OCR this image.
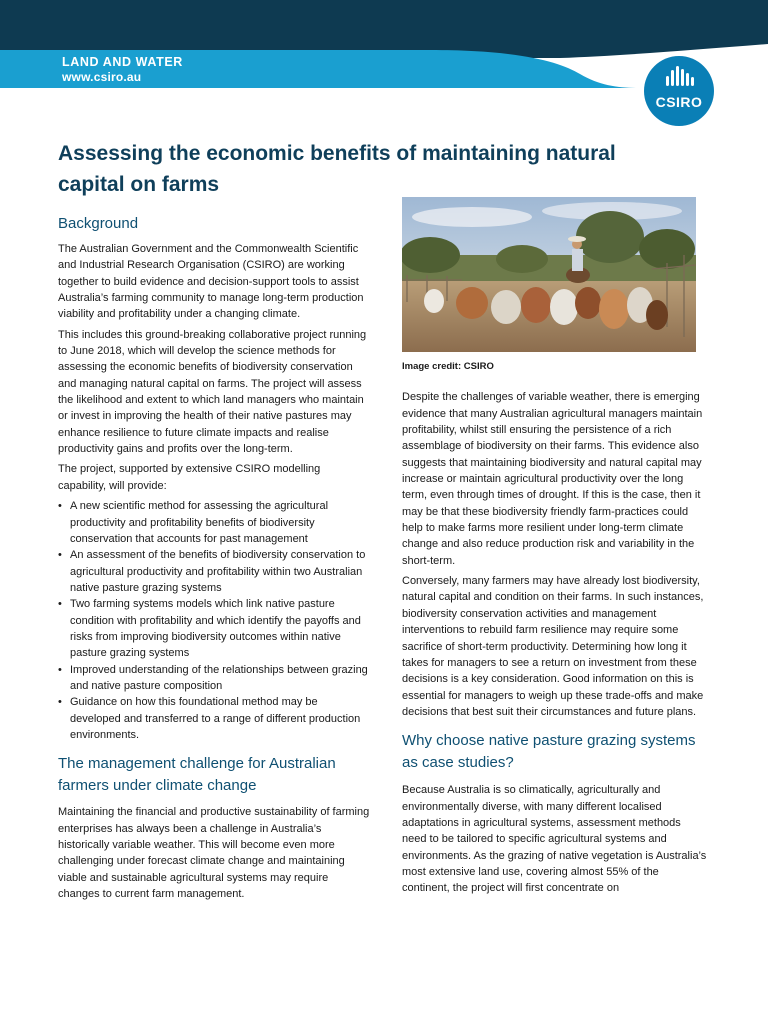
LAND AND WATER
www.csiro.au
CSIRO
Assessing the economic benefits of maintaining natural capital on farms
Background

The Australian Government and the Commonwealth Scientific and Industrial Research Organisation (CSIRO) are working together to build evidence and decision-support tools to assist Australia’s farming community to manage long-term production viability and profitability under a changing climate.

This includes this ground-breaking collaborative project running to June 2018, which will develop the science methods for assessing the economic benefits of biodiversity conservation and managing natural capital on farms. The project will assess the likelihood and extent to which land managers who maintain or invest in improving the health of their native pastures may enhance resilience to future climate impacts and realise productivity gains and profits over the long-term.

The project, supported by extensive CSIRO modelling capability, will provide:

• A new scientific method for assessing the agricultural productivity and profitability benefits of biodiversity conservation that accounts for past management
• An assessment of the benefits of biodiversity conservation to agricultural productivity and profitability within two Australian native pasture grazing systems
• Two farming systems models which link native pasture condition with profitability and which identify the payoffs and risks from improving biodiversity outcomes within native pasture grazing systems
• Improved understanding of the relationships between grazing and native pasture composition
• Guidance on how this foundational method may be developed and transferred to a range of different production environments.
The management challenge for Australian farmers under climate change

Maintaining the financial and productive sustainability of farming enterprises has always been a challenge in Australia’s historically variable weather. This will become even more challenging under forecast climate change and maintaining viable and sustainable agricultural systems may require changes to current farm management.

Image credit: CSIRO

Despite the challenges of variable weather, there is emerging evidence that many Australian agricultural managers maintain profitability, whilst still ensuring the persistence of a rich assemblage of biodiversity on their farms. This evidence also suggests that maintaining biodiversity and natural capital may increase or maintain agricultural productivity over the long term, even through times of drought. If this is the case, then it may be that these biodiversity friendly farm-practices could help to make farms more resilient under long-term climate change and also reduce production risk and variability in the short-term.

Conversely, many farmers may have already lost biodiversity, natural capital and condition on their farms. In such instances, biodiversity conservation activities and management interventions to rebuild farm resilience may require some sacrifice of short-term productivity. Determining how long it takes for managers to see a return on investment from these decisions is a key consideration. Good information on this is essential for managers to weigh up these trade-offs and make decisions that best suit their circumstances and future plans.

Why choose native pasture grazing systems as case studies?

Because Australia is so climatically, agriculturally and environmentally diverse, with many different localised adaptations in agricultural systems, assessment methods need to be tailored to specific agricultural systems and environments. As the grazing of native vegetation is Australia’s most extensive land use, covering almost 55% of the continent, the project will first concentrate on
